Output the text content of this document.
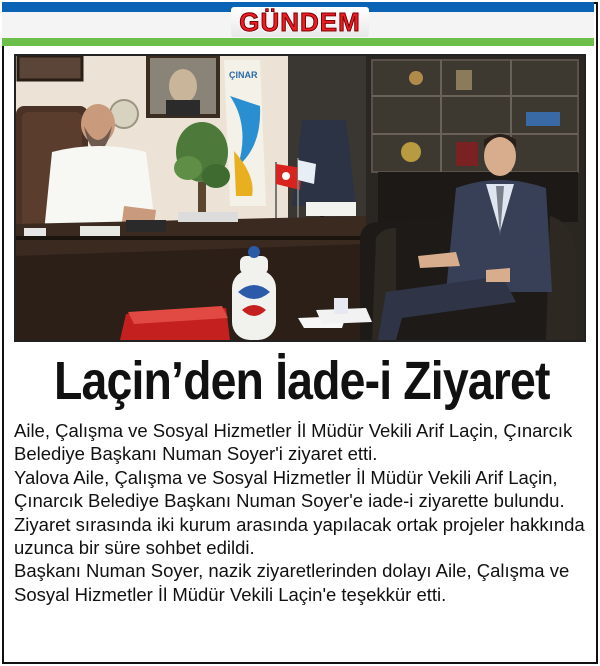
GÜNDEM
ÇINAR
Laçin’den İade-i Ziyaret

Aile, Çalışma ve Sosyal Hizmetler İl Müdür Vekili Arif Laçin, Çınarcık Belediye Başkanı Numan Soyer'i ziyaret etti.

Yalova Aile, Çalışma ve Sosyal Hizmetler İl Müdür Vekili Arif Laçin, Çınarcık Belediye Başkanı Numan Soyer'e iade-i ziyarette bulundu. Ziyaret sırasında iki kurum arasında yapılacak ortak projeler hakkında uzunca bir süre sohbet edildi.

Başkanı Numan Soyer, nazik ziyaretlerinden dolayı Aile, Çalışma ve Sosyal Hizmetler İl Müdür Vekili Laçin'e teşekkür etti.
